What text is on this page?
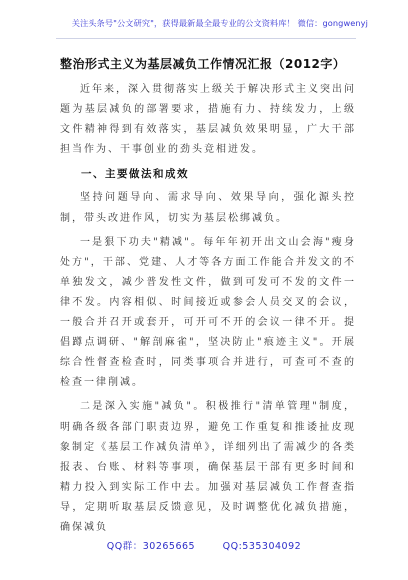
关注头条号"公文研究"，获得最新最全最专业的公文资料库！ 微信：gongwenyj
整治形式主义为基层减负工作情况汇报（2012字）

近年来，深入贯彻落实上级关于解决形式主义突出问题为基层减负的部署要求，措施有力、持续发力，上级文件精神得到有效落实，基层减负效果明显，广大干部担当作为、干事创业的劲头竞相迸发。

一、主要做法和成效

坚持问题导向、需求导向、效果导向，强化源头控制，带头改进作风，切实为基层松绑减负。

一是狠下功夫"精减"。每年年初开出文山会海"瘦身处方"，干部、党建、人才等各方面工作能合并发文的不单独发文，减少普发性文件，做到可发可不发的文件一律不发。内容相似、时间接近或参会人员交叉的会议，一般合并召开或套开，可开可不开的会议一律不开。提倡蹲点调研、"解剖麻雀"，坚决防止"痕迹主义"。开展综合性督查检查时，同类事项合并进行，可查可不查的检查一律削减。

二是深入实施"减负"。积极推行"清单管理"制度，明确各级各部门职责边界，避免工作重复和推诿扯皮现象制定《基层工作减负清单》，详细列出了需减少的各类报表、台账、材料等事项，确保基层干部有更多时间和精力投入到实际工作中去。加强对基层减负工作督查指导，定期听取基层反馈意见，及时调整优化减负措施，确保减负

QQ群：30265665	QQ:535304092
